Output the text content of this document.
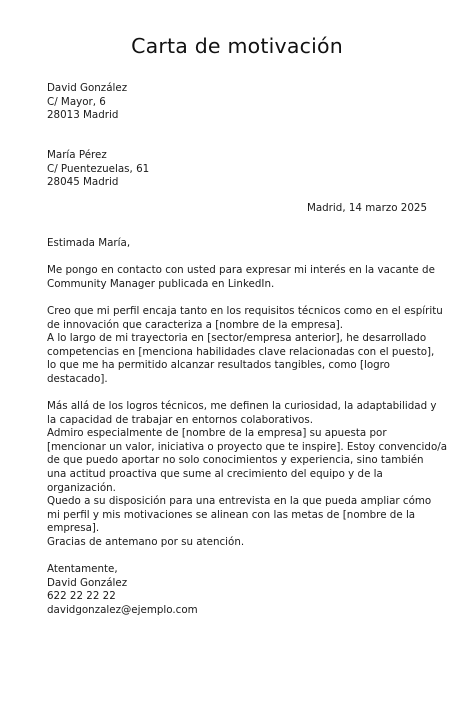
Carta de motivación
David González
C/ Mayor, 6
28013 Madrid
María Pérez
C/ Puentezuelas, 61
28045 Madrid
Madrid, 14 marzo 2025
Estimada María,
Me pongo en contacto con usted para expresar mi interés en la vacante de
Community Manager publicada en LinkedIn.
Creo que mi perfil encaja tanto en los requisitos técnicos como en el espíritu
de innovación que caracteriza a [nombre de la empresa].
A lo largo de mi trayectoria en [sector/empresa anterior], he desarrollado
competencias en [menciona habilidades clave relacionadas con el puesto],
lo que me ha permitido alcanzar resultados tangibles, como [logro
destacado].
Más allá de los logros técnicos, me definen la curiosidad, la adaptabilidad y
la capacidad de trabajar en entornos colaborativos.
Admiro especialmente de [nombre de la empresa] su apuesta por
[mencionar un valor, iniciativa o proyecto que te inspire]. Estoy convencido/a
de que puedo aportar no solo conocimientos y experiencia, sino también
una actitud proactiva que sume al crecimiento del equipo y de la
organización.
Quedo a su disposición para una entrevista en la que pueda ampliar cómo
mi perfil y mis motivaciones se alinean con las metas de [nombre de la
empresa].
Gracias de antemano por su atención.
Atentamente,
David González
622 22 22 22
davidgonzalez@ejemplo.com
